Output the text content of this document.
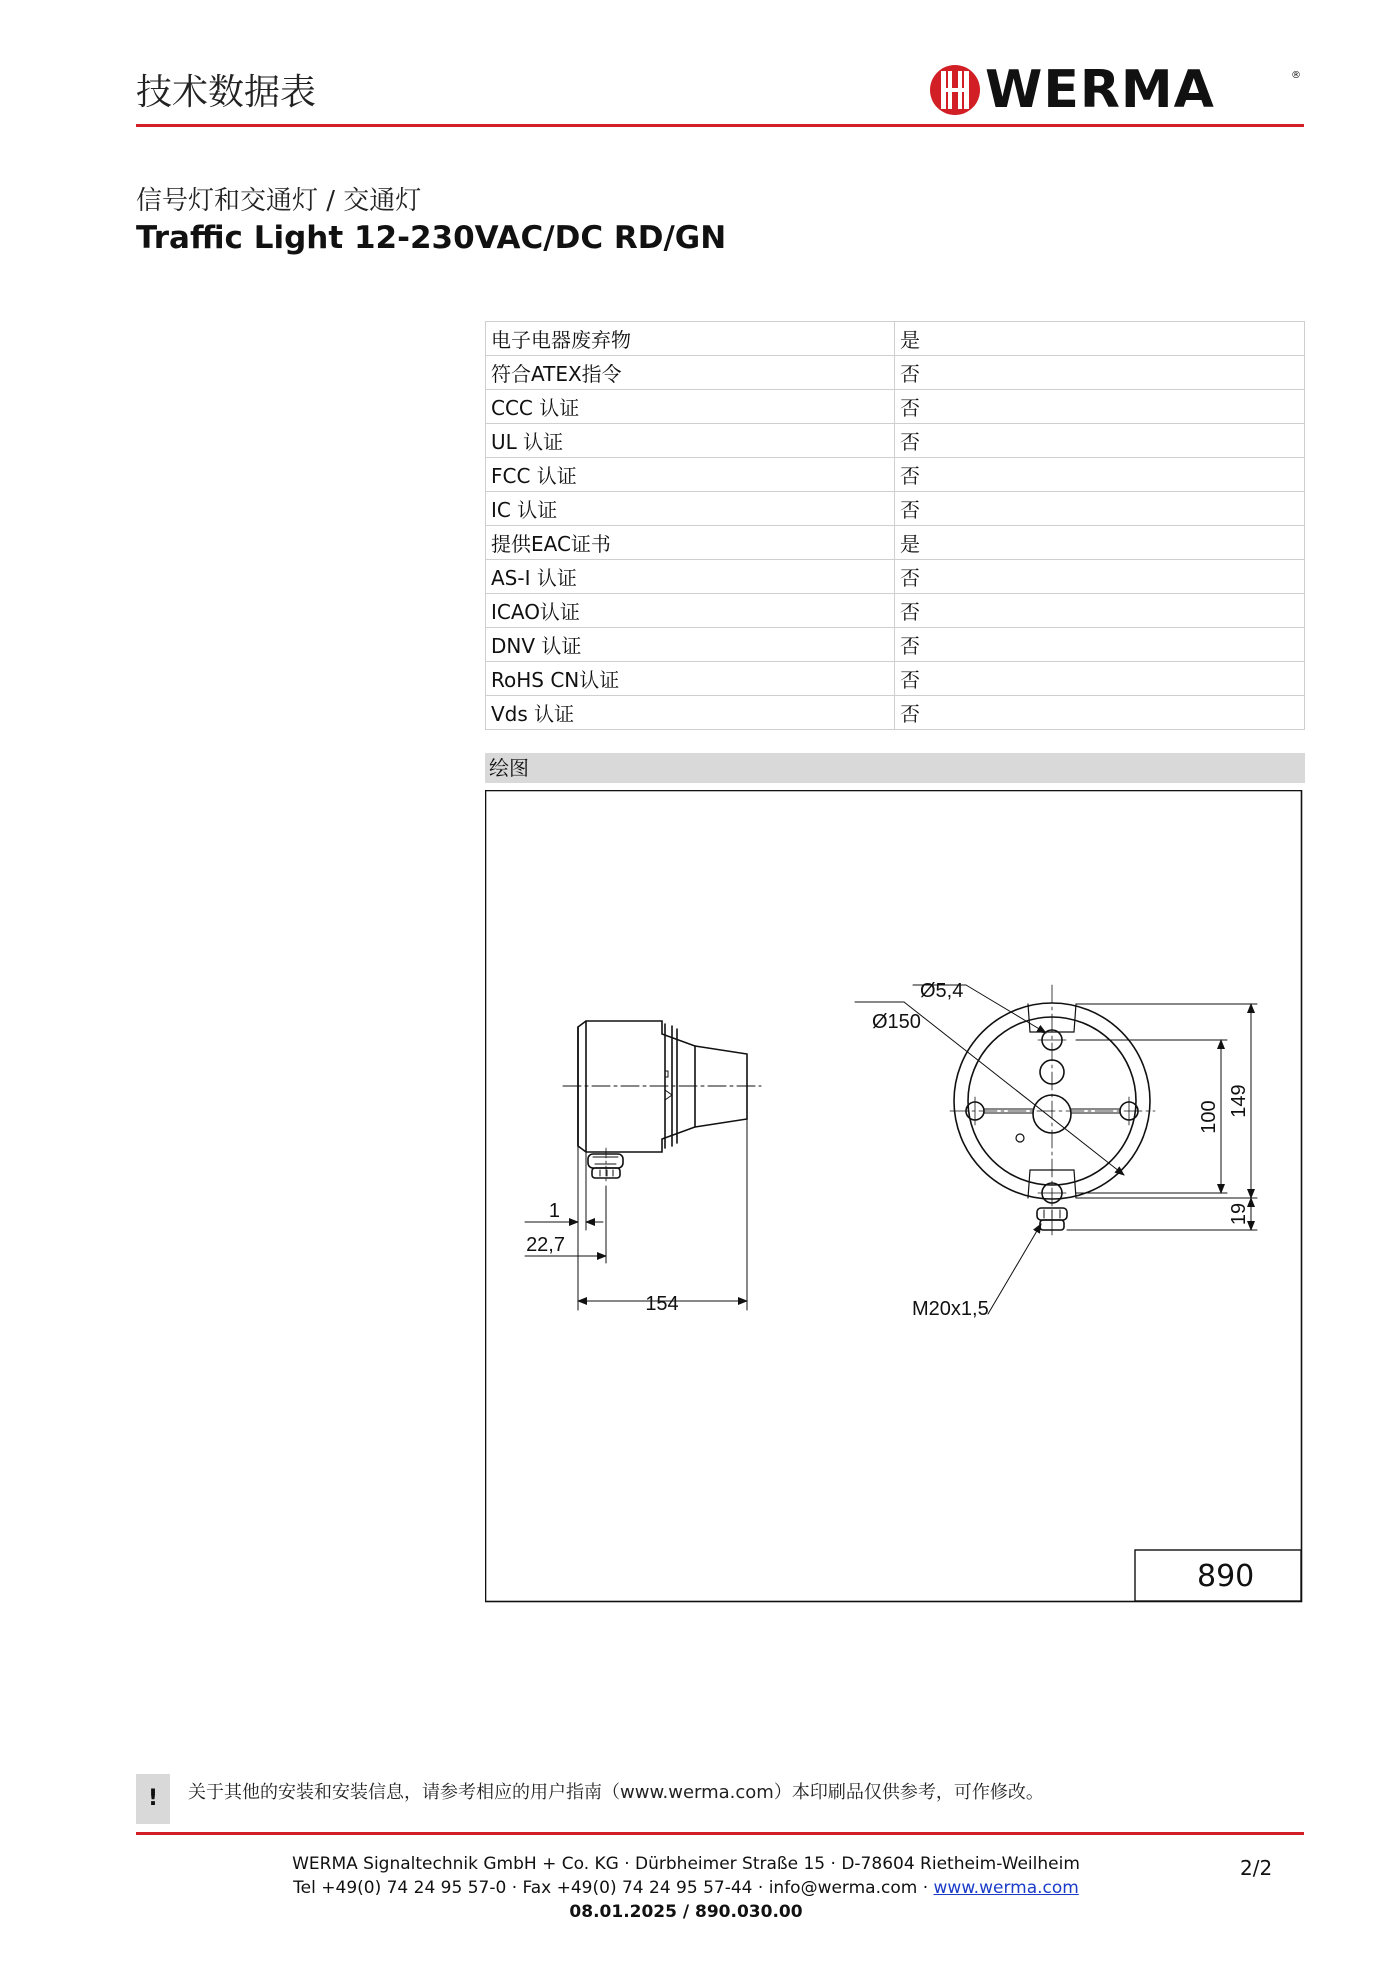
技术数据表	WERMA	®
信号灯和交通灯 / 交通灯
Traffic Light 12-230VAC/DC RD/GN
电子电器废弃物	是
符合ATEX指令	否
CCC 认证	否
UL 认证	否
FCC 认证	否
IC 认证	否
提供EAC证书	是
AS-I 认证	否
ICAO认证	否
DNV 认证	否
RoHS CN认证	否
Vds 认证	否
绘图
154
1
22,7
Ø5,4
Ø150
100 149
19
M20x1,5
890
!	关于其他的安装和安装信息，请参考相应的用户指南（www.werma.com）本印刷品仅供参考，可作修改。
WERMA Signaltechnik GmbH + Co. KG · Dürbheimer Straße 15 · D-78604 Rietheim-Weilheim
Tel +49(0) 74 24 95 57-0 · Fax +49(0) 74 24 95 57-44 · info@werma.com · www.werma.com
08.01.2025 / 890.030.00
2/2
